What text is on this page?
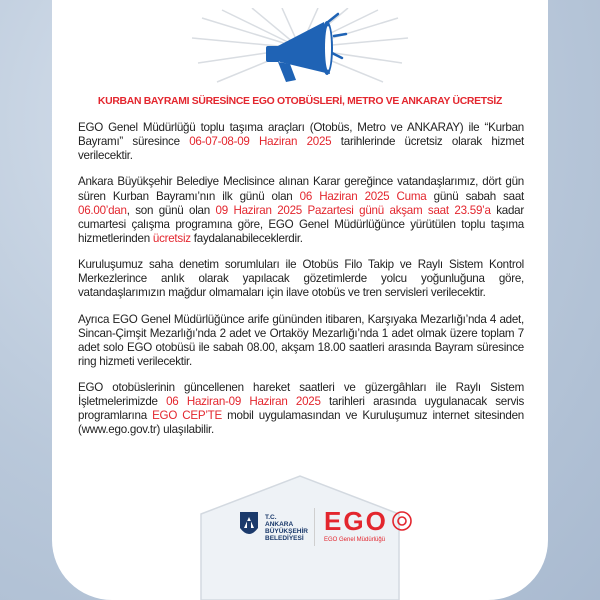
KURBAN BAYRAMI SÜRESİNCE EGO OTOBÜSLERİ, METRO VE ANKARAY ÜCRETSİZ

EGO Genel Müdürlüğü toplu taşıma araçları (Otobüs, Metro ve ANKARAY) ile “Kurban Bayramı” süresince 06-07-08-09 Haziran 2025 tarihlerinde ücretsiz olarak hizmet verilecektir.

Ankara Büyükşehir Belediye Meclisince alınan Karar gereğince vatandaşlarımız, dört gün süren Kurban Bayramı’nın ilk günü olan 06 Haziran 2025 Cuma günü sabah saat 06.00’dan, son günü olan 09 Haziran 2025 Pazartesi günü akşam saat 23.59’a kadar cumartesi çalışma programına göre, EGO Genel Müdürlüğünce yürütülen toplu taşıma hizmetlerinden ücretsiz faydalanabileceklerdir.

Kuruluşumuz saha denetim sorumluları ile Otobüs Filo Takip ve Raylı Sistem Kontrol Merkezlerince anlık olarak yapılacak gözetimlerde yolcu yoğunluğuna göre, vatandaşlarımızın mağdur olmamaları için ilave otobüs ve tren servisleri verilecektir.

Ayrıca EGO Genel Müdürlüğünce arife gününden itibaren, Karşıyaka Mezarlığı’nda 4 adet, Sincan-Çimşit Mezarlığı’nda 2 adet ve Ortaköy Mezarlığı’nda 1 adet olmak üzere toplam 7 adet solo EGO otobüsü ile sabah 08.00, akşam 18.00 saatleri arasında Bayram süresince ring hizmeti verilecektir.

EGO otobüslerinin güncellenen hareket saatleri ve güzergâhları ile Raylı Sistem İşletmelerimizde 06 Haziran-09 Haziran 2025 tarihleri arasında uygulanacak servis programlarına EGO CEP’TE mobil uygulamasından ve Kuruluşumuz internet sitesinden (www.ego.gov.tr) ulaşılabilir.

T.C.
ANKARA
BÜYÜKŞEHİR
BELEDİYESİ
EGO
EGO Genel Müdürlüğü
